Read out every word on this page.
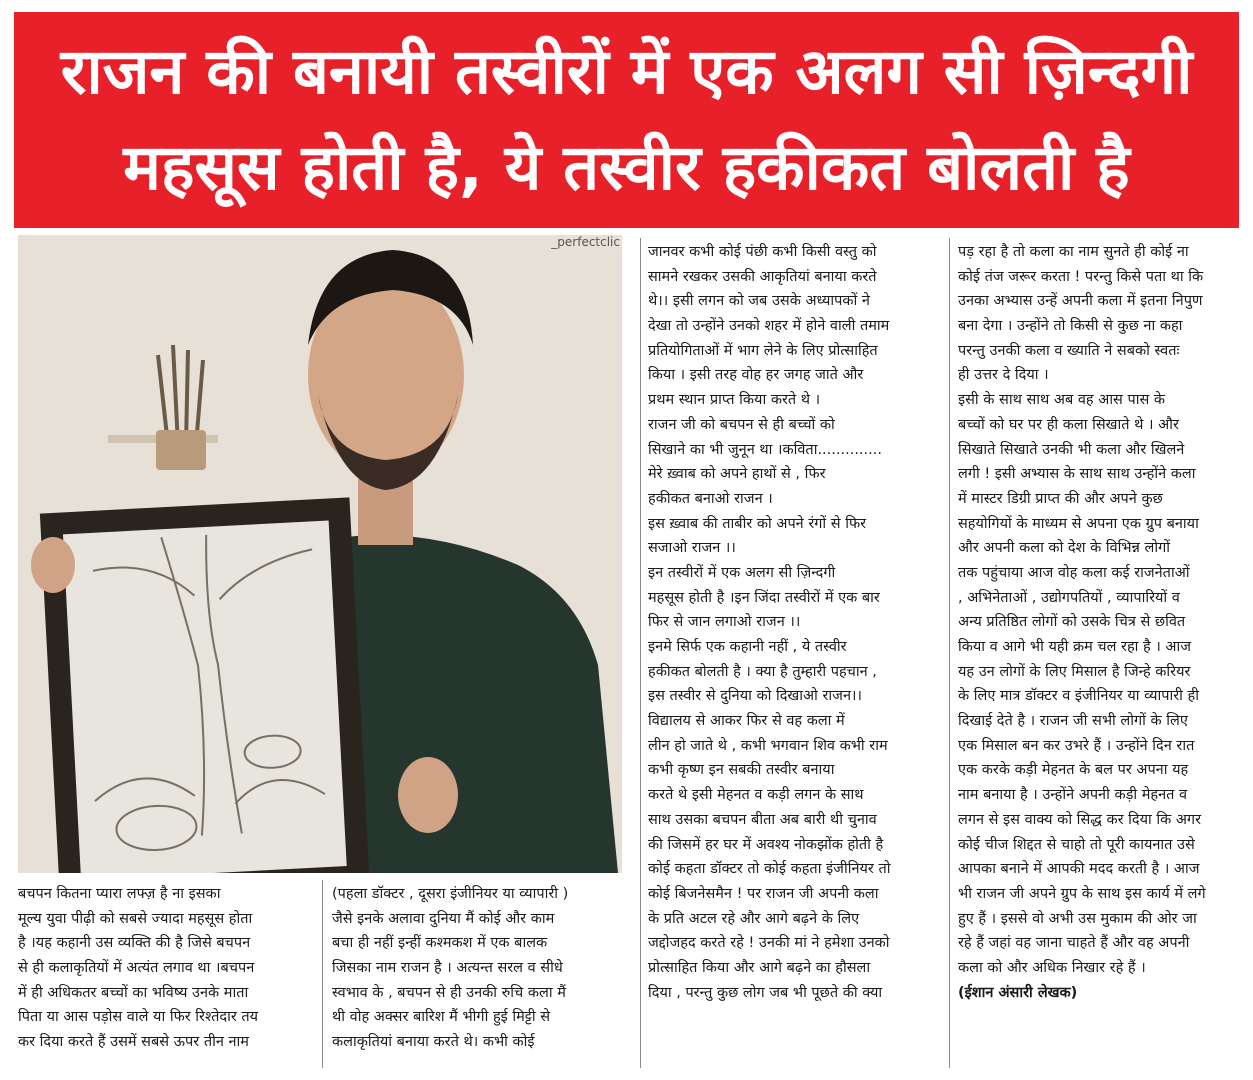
राजन की बनायी तस्वीरों में एक अलग सी ज़िन्दगी
महसूस होती है, ये तस्वीर हकीकत बोलती है
_perfectclic
बचपन कितना प्यारा लफ्ज़ है ना इसका
मूल्य युवा पीढ़ी को सबसे ज्यादा महसूस होता
है ।यह कहानी उस व्यक्ति की है जिसे बचपन
से ही कलाकृतियों में अत्यंत लगाव था ।बचपन
में ही अधिकतर बच्चों का भविष्य उनके माता
पिता या आस पड़ोस वाले या फिर रिश्तेदार तय
कर दिया करते हैं उसमें सबसे ऊपर तीन नाम
(पहला डॉक्टर , दूसरा इंजीनियर या व्यापारी )
जैसे इनके अलावा दुनिया मैं कोई और काम
बचा ही नहीं इन्हीं कश्मकश में एक बालक
जिसका नाम राजन है । अत्यन्त सरल व सीधे
स्वभाव के , बचपन से ही उनकी रुचि कला मैं
थी वोह अक्सर बारिश मैं भीगी हुई मिट्टी से
कलाकृतियां बनाया करते थे। कभी कोई
जानवर कभी कोई पंछी कभी किसी वस्तु को
सामने रखकर उसकी आकृतियां बनाया करते
थे।। इसी लगन को जब उसके अध्यापकों ने
देखा तो उन्होंने उनको शहर में होने वाली तमाम
प्रतियोगिताओं में भाग लेने के लिए प्रोत्साहित
किया । इसी तरह वोह हर जगह जाते और
प्रथम स्थान प्राप्त किया करते थे ।
राजन जी को बचपन से ही बच्चों को
सिखाने का भी जुनून था ।कविता..............
मेरे ख़्वाब को अपने हाथों से , फिर
हकीकत बनाओ राजन ।
इस ख़्वाब की ताबीर को अपने रंगों से फिर
सजाओ राजन ।।
इन तस्वीरों में एक अलग सी ज़िन्दगी
महसूस होती है ।इन जिंदा तस्वीरों में एक बार
फिर से जान लगाओ राजन ।।
इनमे सिर्फ एक कहानी नहीं , ये तस्वीर
हकीकत बोलती है । क्या है तुम्हारी पहचान ,
इस तस्वीर से दुनिया को दिखाओ राजन।।
विद्यालय से आकर फिर से वह कला में
लीन हो जाते थे , कभी भगवान शिव कभी राम
कभी कृष्ण इन सबकी तस्वीर बनाया
करते थे इसी मेहनत व कड़ी लगन के साथ
साथ उसका बचपन बीता अब बारी थी चुनाव
की जिसमें हर घर में अवश्य नोकझोंक होती है
कोई कहता डॉक्टर तो कोई कहता इंजीनियर तो
कोई बिजनेसमैन ! पर राजन जी अपनी कला
के प्रति अटल रहे और आगे बढ़ने के लिए
जद्दोजहद करते रहे ! उनकी मां ने हमेशा उनको
प्रोत्साहित किया और आगे बढ़ने का हौसला
दिया , परन्तु कुछ लोग जब भी पूछते की क्या
पड़ रहा है तो कला का नाम सुनते ही कोई ना
कोई तंज जरूर करता ! परन्तु किसे पता था कि
उनका अभ्यास उन्हें अपनी कला में इतना निपुण
बना देगा । उन्होंने तो किसी से कुछ ना कहा
परन्तु उनकी कला व ख्याति ने सबको स्वतः
ही उत्तर दे दिया ।
इसी के साथ साथ अब वह आस पास के
बच्चों को घर पर ही कला सिखाते थे । और
सिखाते सिखाते उनकी भी कला और खिलने
लगी ! इसी अभ्यास के साथ साथ उन्होंने कला
में मास्टर डिग्री प्राप्त की और अपने कुछ
सहयोगियों के माध्यम से अपना एक ग्रुप बनाया
और अपनी कला को देश के विभिन्न लोगों
तक पहुंचाया आज वोह कला कई राजनेताओं
, अभिनेताओं , उद्योगपतियों , व्यापारियों व
अन्य प्रतिष्ठित लोगों को उसके चित्र से छवित
किया व आगे भी यही क्रम चल रहा है । आज
यह उन लोगों के लिए मिसाल है जिन्हे करियर
के लिए मात्र डॉक्टर व इंजीनियर या व्यापारी ही
दिखाई देते है । राजन जी सभी लोगों के लिए
एक मिसाल बन कर उभरे हैं । उन्होंने दिन रात
एक करके कड़ी मेहनत के बल पर अपना यह
नाम बनाया है । उन्होंने अपनी कड़ी मेहनत व
लगन से इस वाक्य को सिद्ध कर दिया कि अगर
कोई चीज शिद्दत से चाहो तो पूरी कायनात उसे
आपका बनाने में आपकी मदद करती है । आज
भी राजन जी अपने ग्रुप के साथ इस कार्य में लगे
हुए हैं । इससे वो अभी उस मुकाम की ओर जा
रहे हैं जहां वह जाना चाहते हैं और वह अपनी
कला को और अधिक निखार रहे हैं ।
(ईशान अंसारी लेखक)
